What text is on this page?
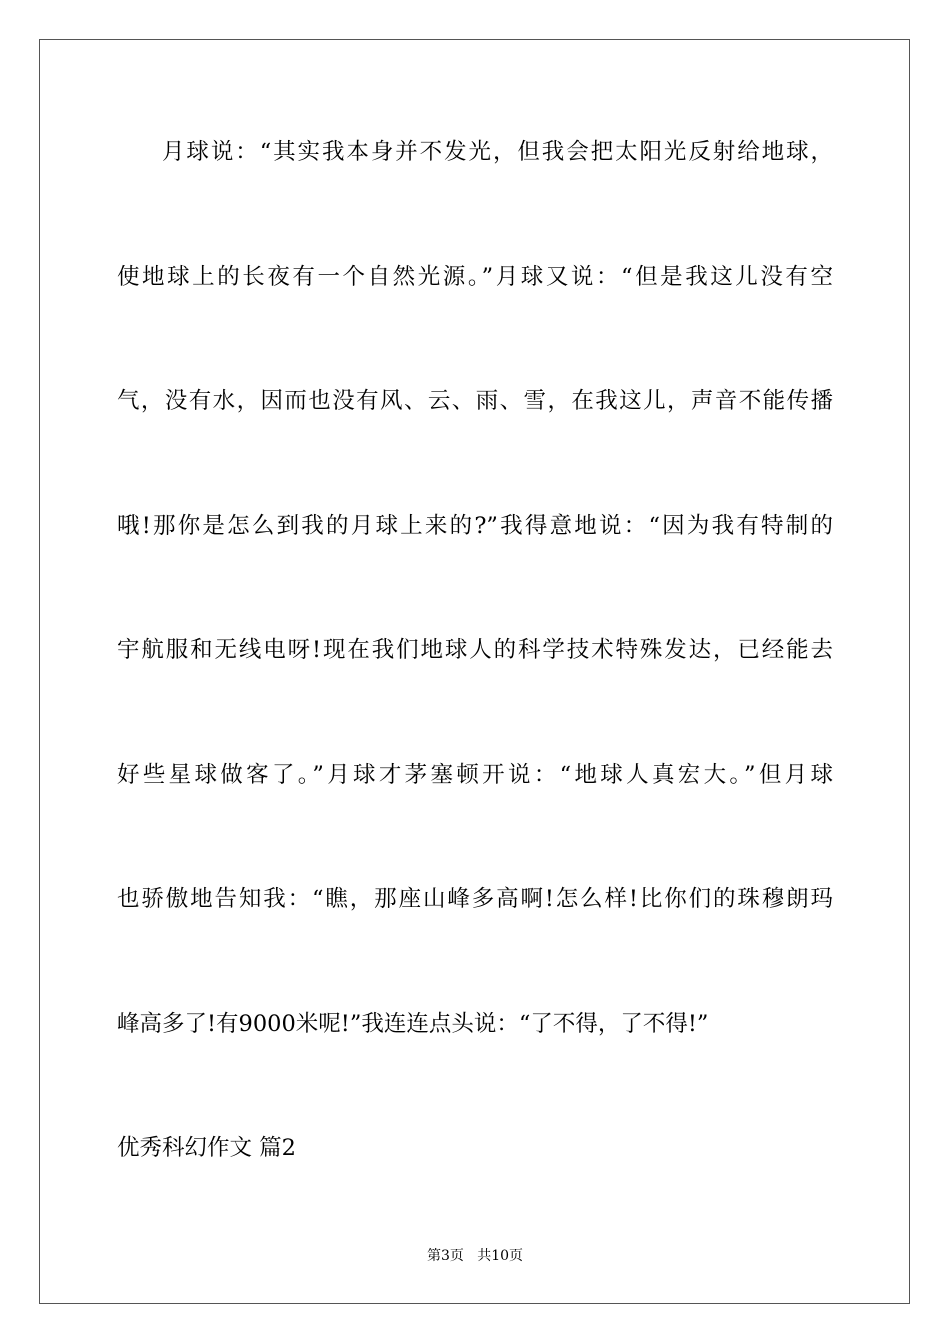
月球说：“其实我本身并不发光，但我会把太阳光反射给地球，
使地球上的长夜有一个自然光源。”月球又说：“但是我这儿没有空
气，没有水，因而也没有风、云、雨、雪，在我这儿，声音不能传播
哦!那你是怎么到我的月球上来的?”我得意地说：“因为我有特制的
宇航服和无线电呀!现在我们地球人的科学技术特殊发达，已经能去
好些星球做客了。”月球才茅塞顿开说：“地球人真宏大。”但月球
也骄傲地告知我：“瞧，那座山峰多高啊!怎么样!比你们的珠穆朗玛
峰高多了!有9000米呢!”我连连点头说：“了不得，了不得!”
优秀科幻作文 篇2
第3页   共10页
